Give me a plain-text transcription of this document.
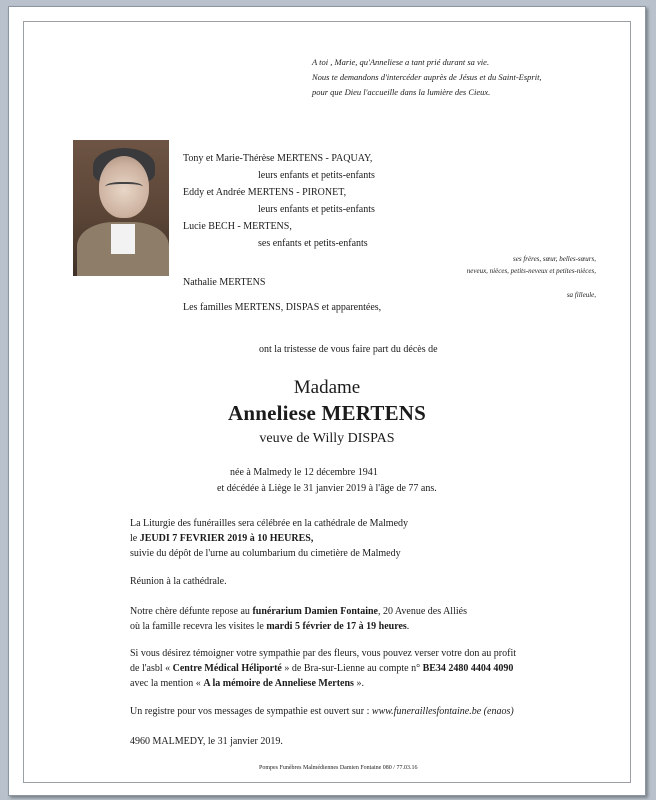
A toi , Marie, qu'Anneliese a tant prié durant sa vie.
Nous te demandons d'intercéder auprès de Jésus et du Saint-Esprit,
pour que Dieu l'accueille dans la lumière des Cieux.
Tony et Marie-Thérèse MERTENS - PAQUAY,
leurs enfants et petits-enfants
Eddy et Andrée MERTENS - PIRONET,
leurs enfants et petits-enfants
Lucie BECH - MERTENS,
ses enfants et petits-enfants
ses frères, sœur, belles-sœurs,
neveux, nièces, petits-neveux et petites-nièces,
Nathalie MERTENS
sa filleule,
Les familles MERTENS, DISPAS et apparentées,
ont la tristesse de vous faire part du décès de
Madame
Anneliese MERTENS
veuve de Willy DISPAS
née à Malmedy le 12 décembre 1941
et décédée à Liège le 31 janvier 2019 à l'âge de 77 ans.
La Liturgie des funérailles sera célébrée en la cathédrale de Malmedy
le JEUDI 7 FEVRIER 2019 à 10 HEURES,
suivie du dépôt de l'urne au columbarium du cimetière de Malmedy
Réunion à la cathédrale.
Notre chère défunte repose au funérarium Damien Fontaine, 20 Avenue des Alliés
où la famille recevra les visites le mardi 5 février de 17 à 19 heures.
Si vous désirez témoigner votre sympathie par des fleurs, vous pouvez verser votre don au profit
de l'asbl « Centre Médical Héliporté » de Bra-sur-Lienne au compte n° BE34 2480 4404 4090
avec la mention « A la mémoire de Anneliese Mertens ».
Un registre pour vos messages de sympathie est ouvert sur : www.funeraillesfontaine.be (enaos)
4960 MALMEDY, le 31 janvier 2019.
Pompes Funèbres Malmédiennes Damien Fontaine 080 / 77.03.16
